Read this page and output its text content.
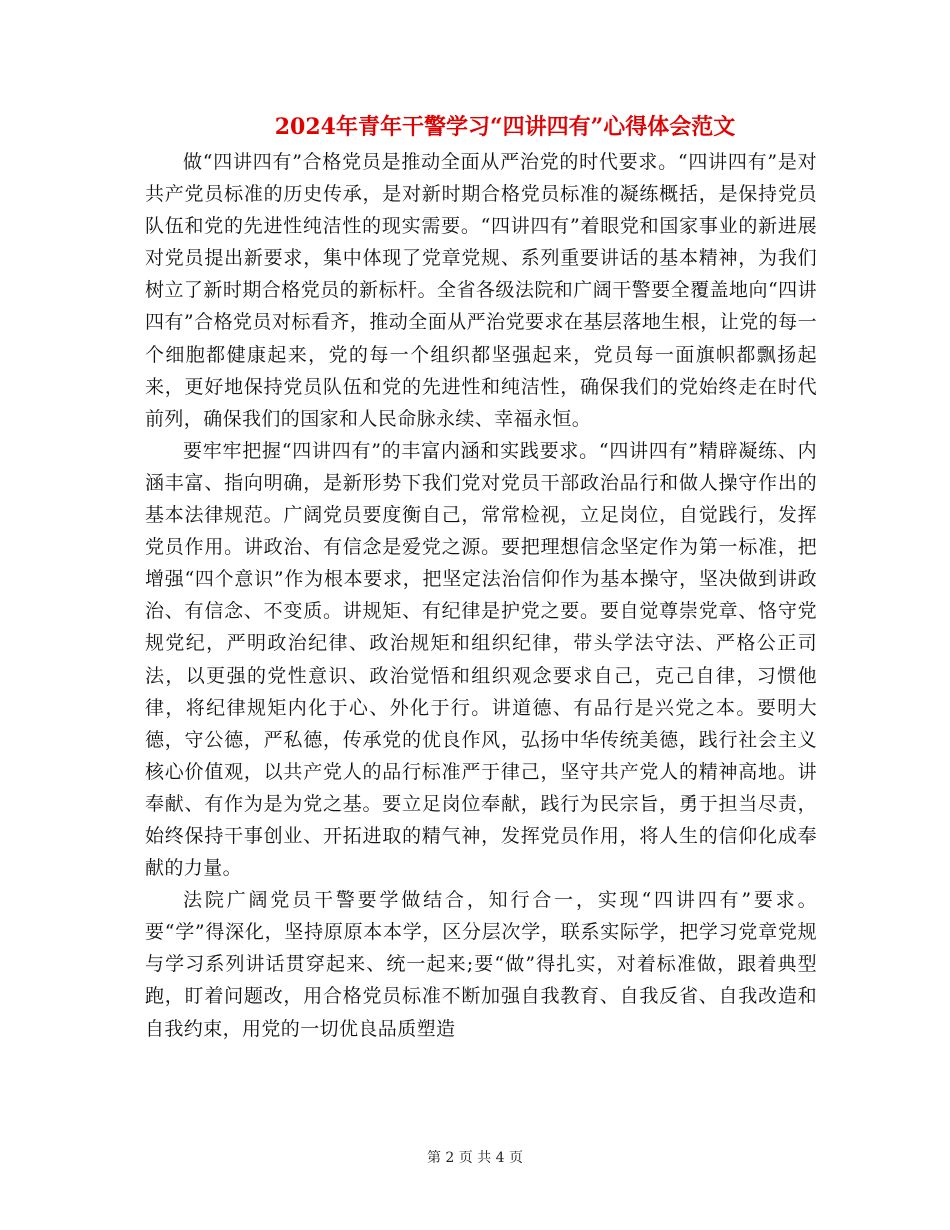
2024年青年干警学习“四讲四有”心得体会范文

做“四讲四有”合格党员是推动全面从严治党的时代要求。“四讲四有”是对共产党员标准的历史传承，是对新时期合格党员标准的凝练概括，是保持党员队伍和党的先进性纯洁性的现实需要。“四讲四有”着眼党和国家事业的新进展对党员提出新要求，集中体现了党章党规、系列重要讲话的基本精神，为我们树立了新时期合格党员的新标杆。全省各级法院和广阔干警要全覆盖地向“四讲四有”合格党员对标看齐，推动全面从严治党要求在基层落地生根，让党的每一个细胞都健康起来，党的每一个组织都坚强起来，党员每一面旗帜都飘扬起来，更好地保持党员队伍和党的先进性和纯洁性，确保我们的党始终走在时代前列，确保我们的国家和人民命脉永续、幸福永恒。

要牢牢把握“四讲四有”的丰富内涵和实践要求。“四讲四有”精辟凝练、内涵丰富、指向明确，是新形势下我们党对党员干部政治品行和做人操守作出的基本法律规范。广阔党员要度衡自己，常常检视，立足岗位，自觉践行，发挥党员作用。讲政治、有信念是爱党之源。要把理想信念坚定作为第一标准，把增强“四个意识”作为根本要求，把坚定法治信仰作为基本操守，坚决做到讲政治、有信念、不变质。讲规矩、有纪律是护党之要。要自觉尊崇党章、恪守党规党纪，严明政治纪律、政治规矩和组织纪律，带头学法守法、严格公正司法，以更强的党性意识、政治觉悟和组织观念要求自己，克己自律，习惯他律，将纪律规矩内化于心、外化于行。讲道德、有品行是兴党之本。要明大德，守公德，严私德，传承党的优良作风，弘扬中华传统美德，践行社会主义核心价值观，以共产党人的品行标准严于律己，坚守共产党人的精神高地。讲奉献、有作为是为党之基。要立足岗位奉献，践行为民宗旨，勇于担当尽责，始终保持干事创业、开拓进取的精气神，发挥党员作用，将人生的信仰化成奉献的力量。

法院广阔党员干警要学做结合，知行合一，实现“四讲四有”要求。要“学”得深化，坚持原原本本学，区分层次学，联系实际学，把学习党章党规与学习系列讲话贯穿起来、统一起来;要“做”得扎实，对着标准做，跟着典型跑，盯着问题改，用合格党员标准不断加强自我教育、自我反省、自我改造和自我约束，用党的一切优良品质塑造

第 2 页 共 4 页
